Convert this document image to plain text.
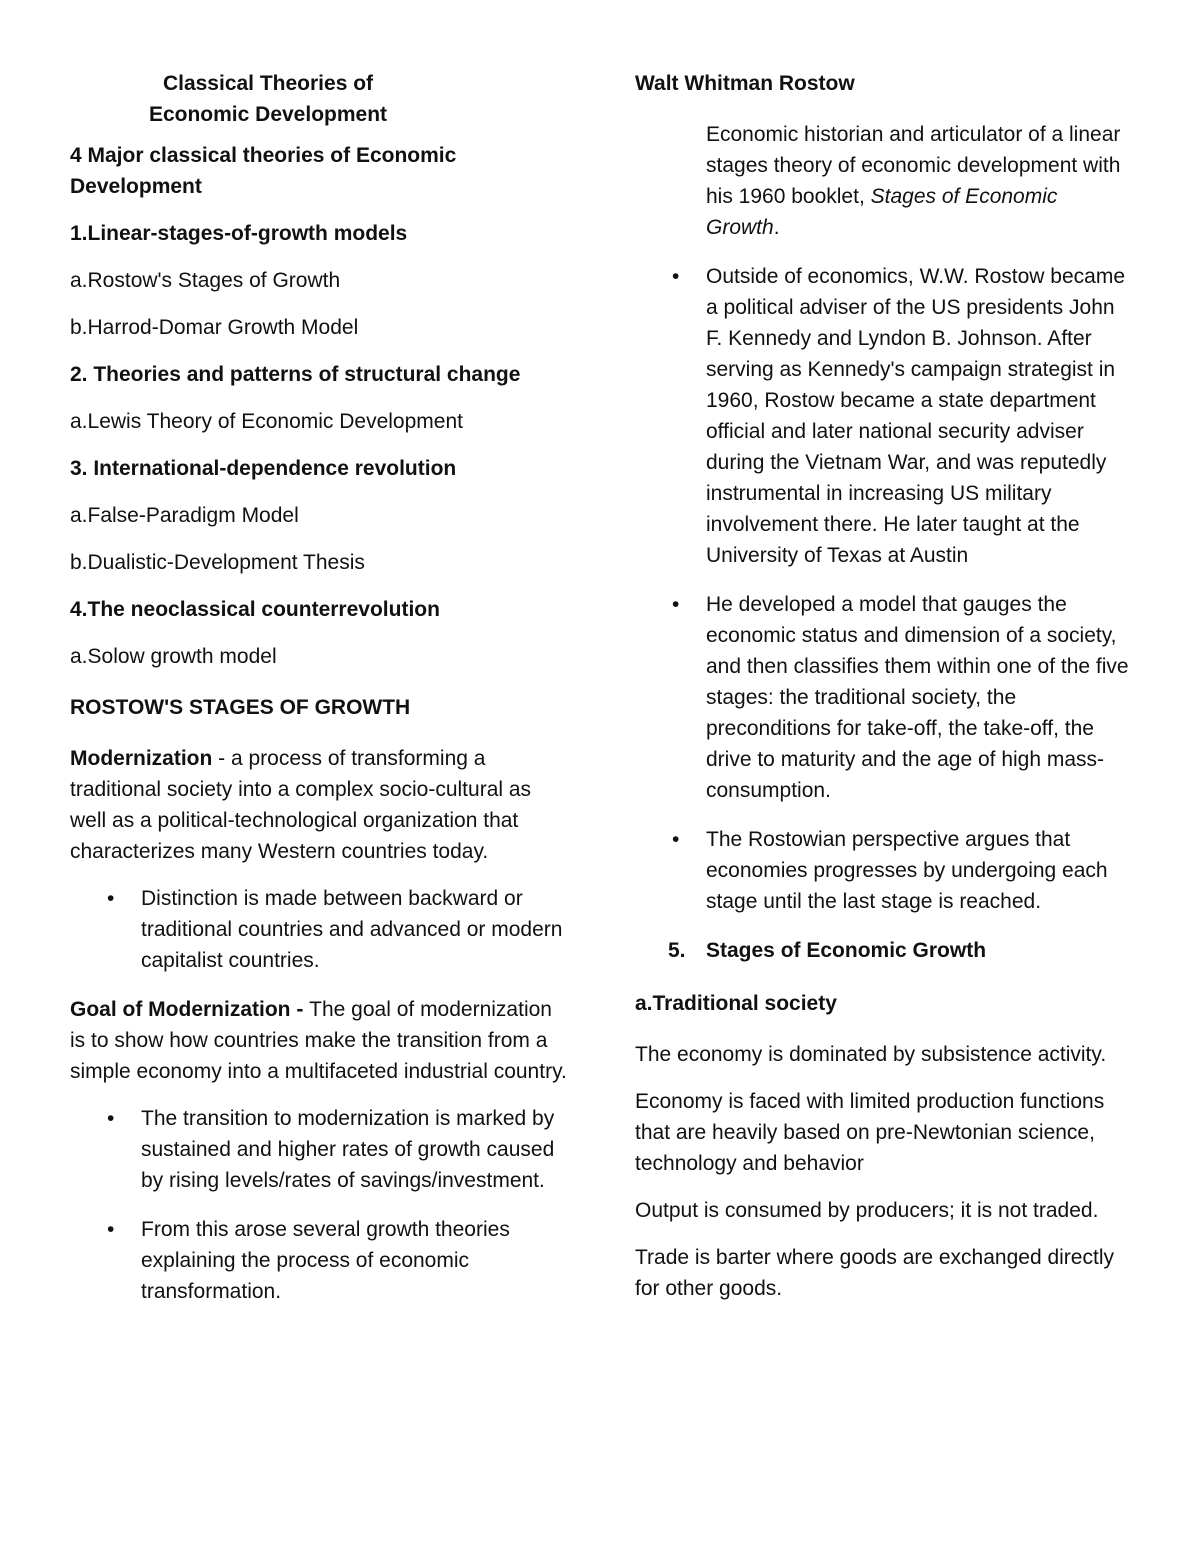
Classical Theories of
Economic Development

4 Major classical theories of Economic Development

1.Linear-stages-of-growth models

a.Rostow's Stages of Growth

b.Harrod-Domar Growth Model

2. Theories and patterns of structural change

a.Lewis Theory of Economic Development

3. International-dependence revolution

a.False-Paradigm Model

b.Dualistic-Development Thesis

4.The neoclassical counterrevolution

a.Solow growth model

ROSTOW'S STAGES OF GROWTH

Modernization - a process of transforming a traditional society into a complex socio-cultural as well as a political-technological organization that characterizes many Western countries today.

• Distinction is made between backward or traditional countries and advanced or modern capitalist countries.

Goal of Modernization - The goal of modernization is to show how countries make the transition from a simple economy into a multifaceted industrial country.

• The transition to modernization is marked by sustained and higher rates of growth caused by rising levels/rates of savings/investment.
• From this arose several growth theories explaining the process of economic transformation.

Walt Whitman Rostow

Economic historian and articulator of a linear stages theory of economic development with his 1960 booklet, Stages of Economic Growth.

• Outside of economics, W.W. Rostow became a political adviser of the US presidents John F. Kennedy and Lyndon B. Johnson. After serving as Kennedy's campaign strategist in 1960, Rostow became a state department official and later national security adviser during the Vietnam War, and was reputedly instrumental in increasing US military involvement there. He later taught at the University of Texas at Austin
• He developed a model that gauges the economic status and dimension of a society, and then classifies them within one of the five stages: the traditional society, the preconditions for take-off, the take-off, the drive to maturity and the age of high mass- consumption.
• The Rostowian perspective argues that economies progresses by undergoing each stage until the last stage is reached.

5. Stages of Economic Growth

a.Traditional society

The economy is dominated by subsistence activity.

Economy is faced with limited production functions that are heavily based on pre-Newtonian science, technology and behavior

Output is consumed by producers; it is not traded.

Trade is barter where goods are exchanged directly for other goods.
